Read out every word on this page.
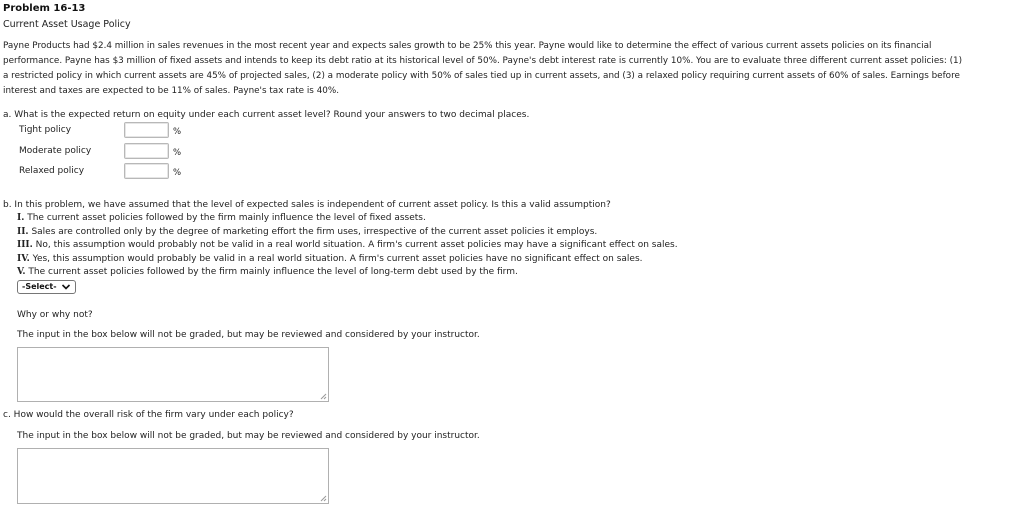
Problem 16-13
Current Asset Usage Policy
Payne Products had $2.4 million in sales revenues in the most recent year and expects sales growth to be 25% this year. Payne would like to determine the effect of various current assets policies on its financial
performance. Payne has $3 million of fixed assets and intends to keep its debt ratio at its historical level of 50%. Payne's debt interest rate is currently 10%. You are to evaluate three different current asset policies: (1)
a restricted policy in which current assets are 45% of projected sales, (2) a moderate policy with 50% of sales tied up in current assets, and (3) a relaxed policy requiring current assets of 60% of sales. Earnings before
interest and taxes are expected to be 11% of sales. Payne's tax rate is 40%.
a. What is the expected return on equity under each current asset level? Round your answers to two decimal places.
Tight policy	%
Moderate policy	%
Relaxed policy	%
b. In this problem, we have assumed that the level of expected sales is independent of current asset policy. Is this a valid assumption?
I. The current asset policies followed by the firm mainly influence the level of fixed assets.
II. Sales are controlled only by the degree of marketing effort the firm uses, irrespective of the current asset policies it employs.
III. No, this assumption would probably not be valid in a real world situation. A firm's current asset policies may have a significant effect on sales.
IV. Yes, this assumption would probably be valid in a real world situation. A firm's current asset policies have no significant effect on sales.
V. The current asset policies followed by the firm mainly influence the level of long-term debt used by the firm.
-Select-
Why or why not?
The input in the box below will not be graded, but may be reviewed and considered by your instructor.
c. How would the overall risk of the firm vary under each policy?
The input in the box below will not be graded, but may be reviewed and considered by your instructor.
